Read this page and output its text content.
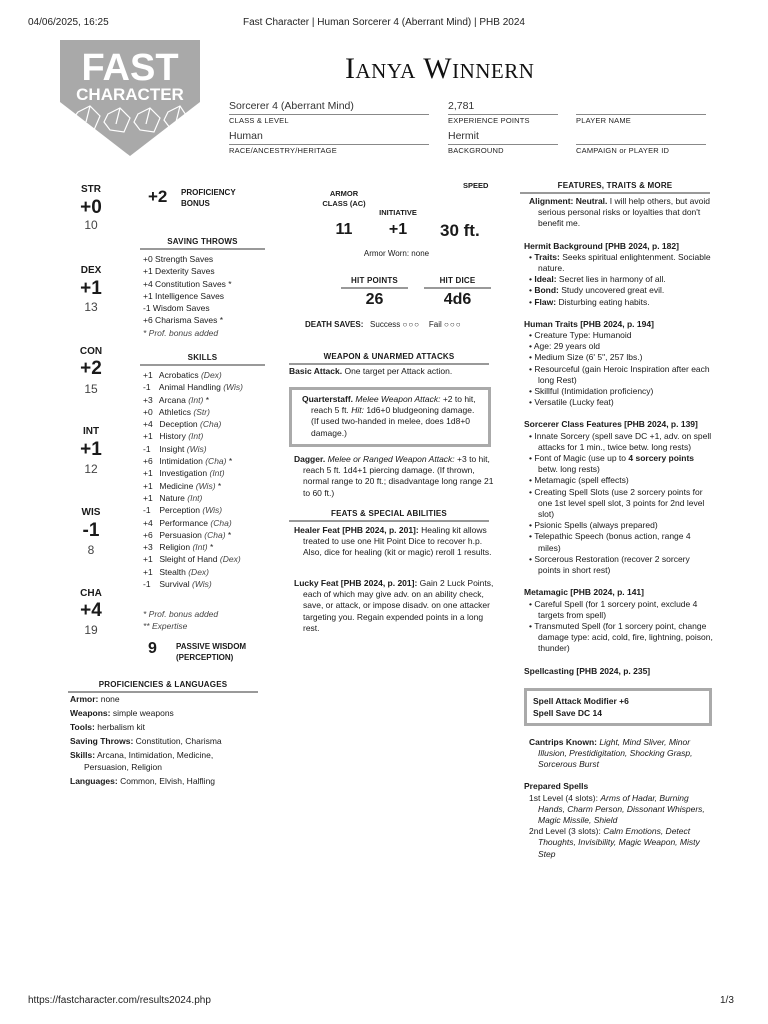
04/06/2025, 16:25	Fast Character | Human Sorcerer 4 (Aberrant Mind) | PHB 2024
https://fastcharacter.com/results2024.php	1/3
FAST
CHARACTER
Ianya Winnern
Sorcerer 4 (Aberrant Mind)
CLASS & LEVEL
2,781
EXPERIENCE POINTS	PLAYER NAME
Human
RACE/ANCESTRY/HERITAGE
Hermit
BACKGROUND	CAMPAIGN or PLAYER ID
STR
+0
10
DEX
+1
13
CON
+2
15
INT
+1
12
WIS
-1
8
CHA
+4
19
+2 PROFICIENCY
BONUS
SAVING THROWS
+0 Strength Saves
+1 Dexterity Saves
+4 Constitution Saves *
+1 Intelligence Saves
-1 Wisdom Saves
+6 Charisma Saves *
* Prof. bonus added
SKILLS
+1 Acrobatics (Dex)
-1 Animal Handling (Wis)
+3 Arcana (Int) *
+0 Athletics (Str)
+4 Deception (Cha)
+1 History (Int)
-1 Insight (Wis)
+6 Intimidation (Cha) *
+1 Investigation (Int)
+1 Medicine (Wis) *
+1 Nature (Int)
-1 Perception (Wis)
+4 Performance (Cha)
+6 Persuasion (Cha) *
+3 Religion (Int) *
+1 Sleight of Hand (Dex)
+1 Stealth (Dex)
-1 Survival (Wis)
9 PASSIVE WISDOM
(PERCEPTION)
PROFICIENCIES & LANGUAGES
Armor: none
Weapons: simple weapons
Tools: herbalism kit
Saving Throws: Constitution, Charisma
Skills: Arcana, Intimidation, Medicine, Persuasion, Religion
Languages: Common, Elvish, Halfling
ARMOR CLASS (AC)
11
INITIATIVE
+1
SPEED
30 ft.
Armor Worn: none
HIT POINTS
26
HIT DICE
4d6
DEATH SAVES: Success ○○○ Fail ○○○
WEAPON & UNARMED ATTACKS
Basic Attack. One target per Attack action.
Quarterstaff. Melee Weapon Attack: +2 to hit, reach 5 ft. Hit: 1d6+0 bludgeoning damage. (If used two-handed in melee, does 1d8+0 damage.)
Dagger. Melee or Ranged Weapon Attack: +3 to hit, reach 5 ft. 1d4+1 piercing damage. (If thrown, normal range to 20 ft.; disadvantage long range 21 to 60 ft.)
FEATS & SPECIAL ABILITIES
Healer Feat [PHB 2024, p. 201]: Healing kit allows treated to use one Hit Point Dice to recover h.p. Also, dice for healing (kit or magic) reroll 1 results.
Lucky Feat [PHB 2024, p. 201]: Gain 2 Luck Points, each of which may give adv. on an ability check, save, or attack, or impose disadv. on one attacker targeting you. Regain expended points in a long rest.
FEATURES, TRAITS & MORE
Alignment: Neutral. I will help others, but avoid serious personal risks or loyalties that don't benefit me.
Hermit Background [PHB 2024, p. 182]
• Traits: Seeks spiritual enlightenment. Sociable nature.
• Ideal: Secret lies in harmony of all.
• Bond: Study uncovered great evil.
• Flaw: Disturbing eating habits.
Human Traits [PHB 2024, p. 194]
• Creature Type: Humanoid
• Age: 29 years old
• Medium Size (6' 5", 257 lbs.)
• Resourceful (gain Heroic Inspiration after each long Rest)
• Skillful (Intimidation proficiency)
• Versatile (Lucky feat)
Sorcerer Class Features [PHB 2024, p. 139]
• Innate Sorcery (spell save DC +1, adv. on spell attacks for 1 min., twice betw. long rests)
• Font of Magic (use up to 4 sorcery points betw. long rests)
• Metamagic (spell effects)
• Creating Spell Slots (use 2 sorcery points for one 1st level spell slot, 3 points for 2nd level slot)
• Psionic Spells (always prepared)
• Telepathic Speech (bonus action, range 4 miles)
• Sorcerous Restoration (recover 2 sorcery points in short rest)
Metamagic [PHB 2024, p. 141]
• Careful Spell (for 1 sorcery point, exclude 4 targets from spell)
• Transmuted Spell (for 1 sorcery point, change damage type: acid, cold, fire, lightning, poison, thunder)
Spellcasting [PHB 2024, p. 235]
Spell Attack Modifier +6
Spell Save DC 14
Cantrips Known: Light, Mind Sliver, Minor Illusion, Prestidigitation, Shocking Grasp, Sorcerous Burst
Prepared Spells
1st Level (4 slots): Arms of Hadar, Burning Hands, Charm Person, Dissonant Whispers, Magic Missile, Shield
2nd Level (3 slots): Calm Emotions, Detect Thoughts, Invisibility, Magic Weapon, Misty Step
* Prof. bonus added
** Expertise
